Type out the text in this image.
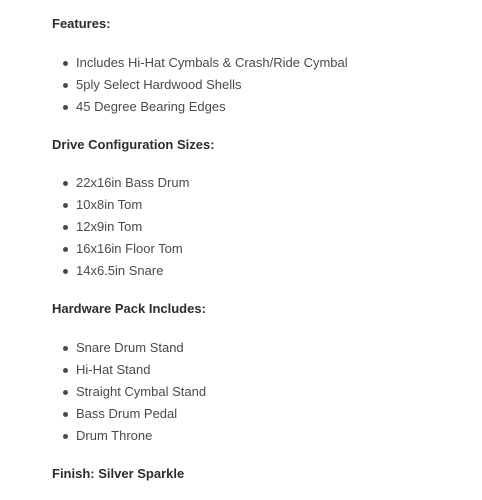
Features:
Includes Hi-Hat Cymbals & Crash/Ride Cymbal
5ply Select Hardwood Shells
45 Degree Bearing Edges
Drive Configuration Sizes:
22x16in Bass Drum
10x8in Tom
12x9in Tom
16x16in Floor Tom
14x6.5in Snare
Hardware Pack Includes:
Snare Drum Stand
Hi-Hat Stand
Straight Cymbal Stand
Bass Drum Pedal
Drum Throne
Finish: Silver Sparkle
